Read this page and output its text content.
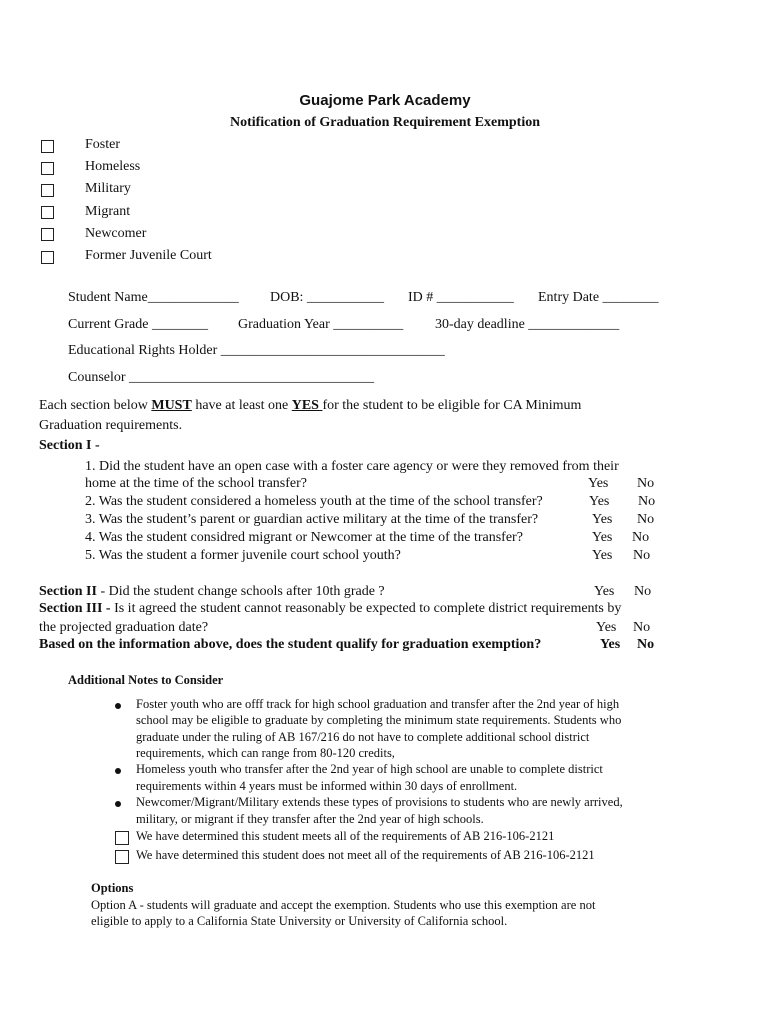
Guajome Park Academy
Notification of Graduation Requirement Exemption
Foster
Homeless
Military
Migrant
Newcomer
Former Juvenile Court
Student Name_____________ DOB: ___________ ID # ___________ Entry Date ________
Current Grade ________ Graduation Year __________ 30-day deadline _____________
Educational Rights Holder ________________________________
Counselor ___________________________________
Each section below MUST have at least one YES for the student to be eligible for CA Minimum
Graduation requirements.
Section I -
1. Did the student have an open case with a foster care agency or were they removed from their
home at the time of the school transfer?	Yes No
2. Was the student considered a homeless youth at the time of the school transfer?	Yes No
3. Was the student’s parent or guardian active military at the time of the transfer?	Yes No
4. Was the student considred migrant or Newcomer at the time of the transfer?	Yes No
5. Was the student a former juvenile court school youth?	Yes No
Section II - Did the student change schools after 10th grade ?	Yes No
Section III - Is it agreed the student cannot reasonably be expected to complete district requirements by
the projected graduation date?	Yes No
Based on the information above, does the student qualify for graduation exemption?	Yes No
Additional Notes to Consider
Foster youth who are offf track for high school graduation and transfer after the 2nd year of high
school may be eligible to graduate by completing the minimum state requirements. Students who
graduate under the ruling of AB 167/216 do not have to complete additional school district
requirements, which can range from 80-120 credits,
Homeless youth who transfer after the 2nd year of high school are unable to complete district
requirements within 4 years must be informed within 30 days of enrollment.
Newcomer/Migrant/Military extends these types of provisions to students who are newly arrived,
military, or migrant if they transfer after the 2nd year of high schools.
We have determined this student meets all of the requirements of AB 216-106-2121
We have determined this student does not meet all of the requirements of AB 216-106-2121
Options
Option A - students will graduate and accept the exemption. Students who use this exemption are not
eligible to apply to a California State University or University of California school.
